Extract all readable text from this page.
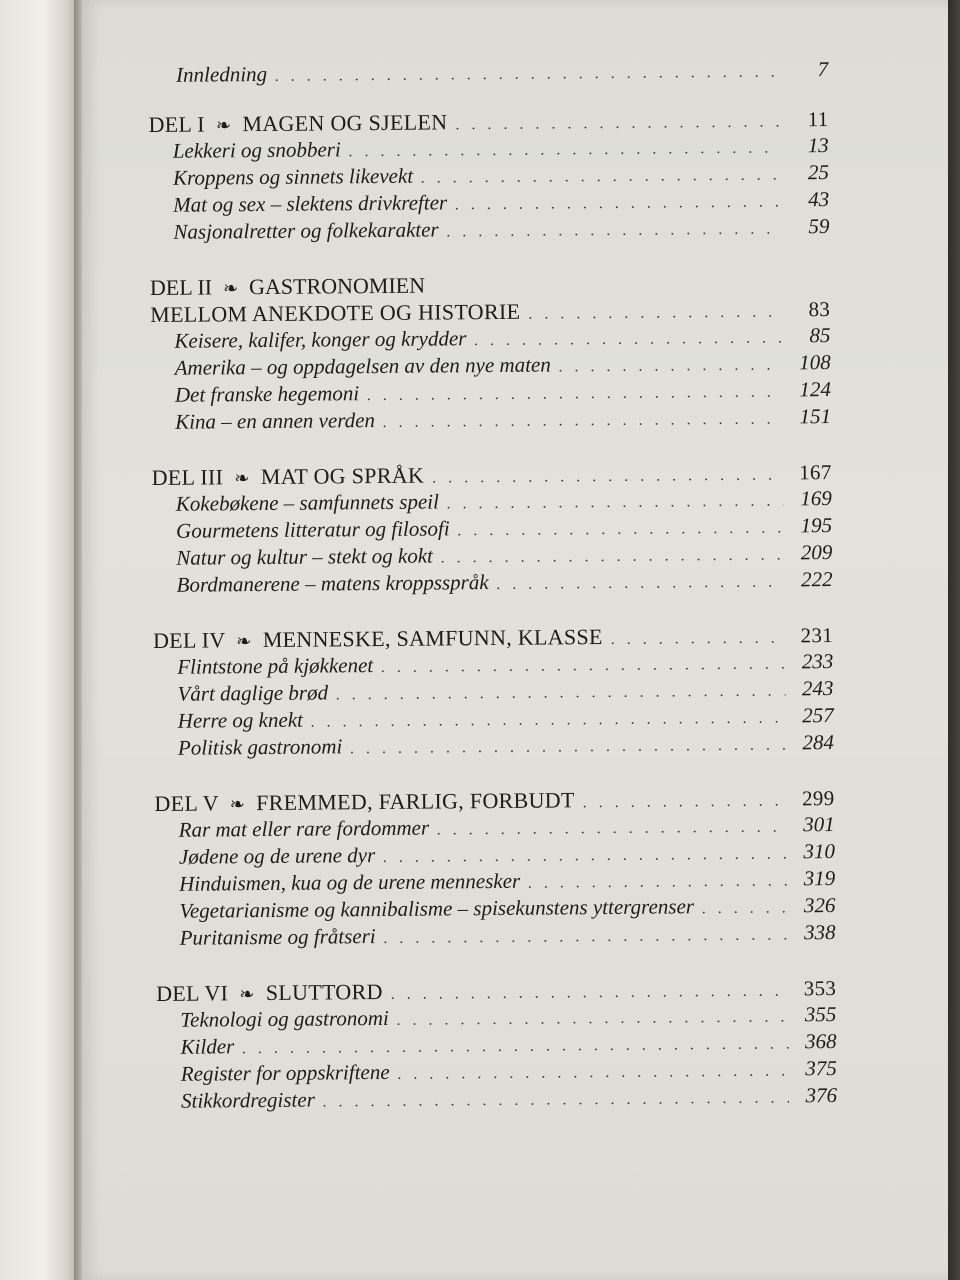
Innledning . . .	7
DEL I ❧ MAGEN OG SJELEN . . .	11
Lekkeri og snobberi . . .	13
Kroppens og sinnets likevekt . . .	25
Mat og sex – slektens drivkrefter . . .	43
Nasjonalretter og folkekarakter . . .	59
DEL II ❧ GASTRONOMIEN
MELLOM ANEKDOTE OG HISTORIE . . .	83
Keisere, kalifer, konger og krydder . . .	85
Amerika – og oppdagelsen av den nye maten . . .	108
Det franske hegemoni . . .	124
Kina – en annen verden . . .	151
DEL III ❧ MAT OG SPRÅK . . .	167
Kokebøkene – samfunnets speil . . .	169
Gourmetens litteratur og filosofi . . .	195
Natur og kultur – stekt og kokt . . .	209
Bordmanerene – matens kroppsspråk . . .	222
DEL IV ❧ MENNESKE, SAMFUNN, KLASSE . . .	231
Flintstone på kjøkkenet . . .	233
Vårt daglige brød . . .	243
Herre og knekt . . .	257
Politisk gastronomi . . .	284
DEL V ❧ FREMMED, FARLIG, FORBUDT . . .	299
Rar mat eller rare fordommer . . .	301
Jødene og de urene dyr . . .	310
Hinduismen, kua og de urene mennesker . . .	319
Vegetarianisme og kannibalisme – spisekunstens yttergrenser . . .	326
Puritanisme og fråtseri . . .	338
DEL VI ❧ SLUTTORD . . .	353
Teknologi og gastronomi . . .	355
Kilder . . .	368
Register for oppskriftene . . .	375
Stikkordregister . . .	376
